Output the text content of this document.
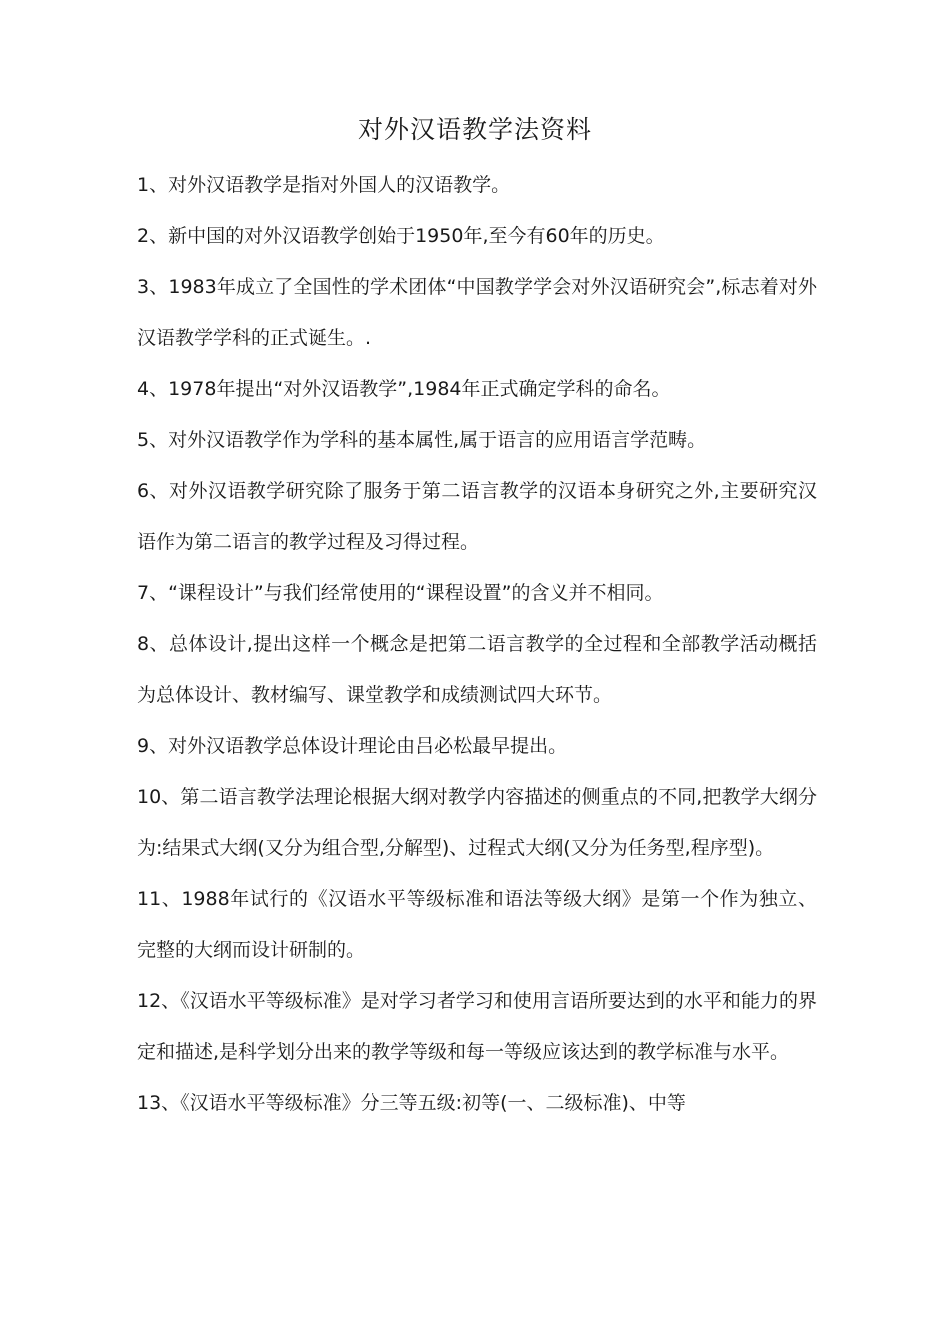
对外汉语教学法资料

1、对外汉语教学是指对外国人的汉语教学。

2、新中国的对外汉语教学创始于1950年,至今有60年的历史。

3、1983年成立了全国性的学术团体“中国教学学会对外汉语研究会”,标志着对外汉语教学学科的正式诞生。.

4、1978年提出“对外汉语教学”,1984年正式确定学科的命名。

5、对外汉语教学作为学科的基本属性,属于语言的应用语言学范畴。

6、对外汉语教学研究除了服务于第二语言教学的汉语本身研究之外,主要研究汉语作为第二语言的教学过程及习得过程。

7、“课程设计”与我们经常使用的“课程设置”的含义并不相同。

8、总体设计,提出这样一个概念是把第二语言教学的全过程和全部教学活动概括为总体设计、教材编写、课堂教学和成绩测试四大环节。

9、对外汉语教学总体设计理论由吕必松最早提出。

10、第二语言教学法理论根据大纲对教学内容描述的侧重点的不同,把教学大纲分为:结果式大纲(又分为组合型,分解型)、过程式大纲(又分为任务型,程序型)。

11、1988年试行的《汉语水平等级标准和语法等级大纲》是第一个作为独立、完整的大纲而设计研制的。

12、《汉语水平等级标准》是对学习者学习和使用言语所要达到的水平和能力的界定和描述,是科学划分出来的教学等级和每一等级应该达到的教学标准与水平。

13、《汉语水平等级标准》分三等五级:初等(一、二级标准)、中等
